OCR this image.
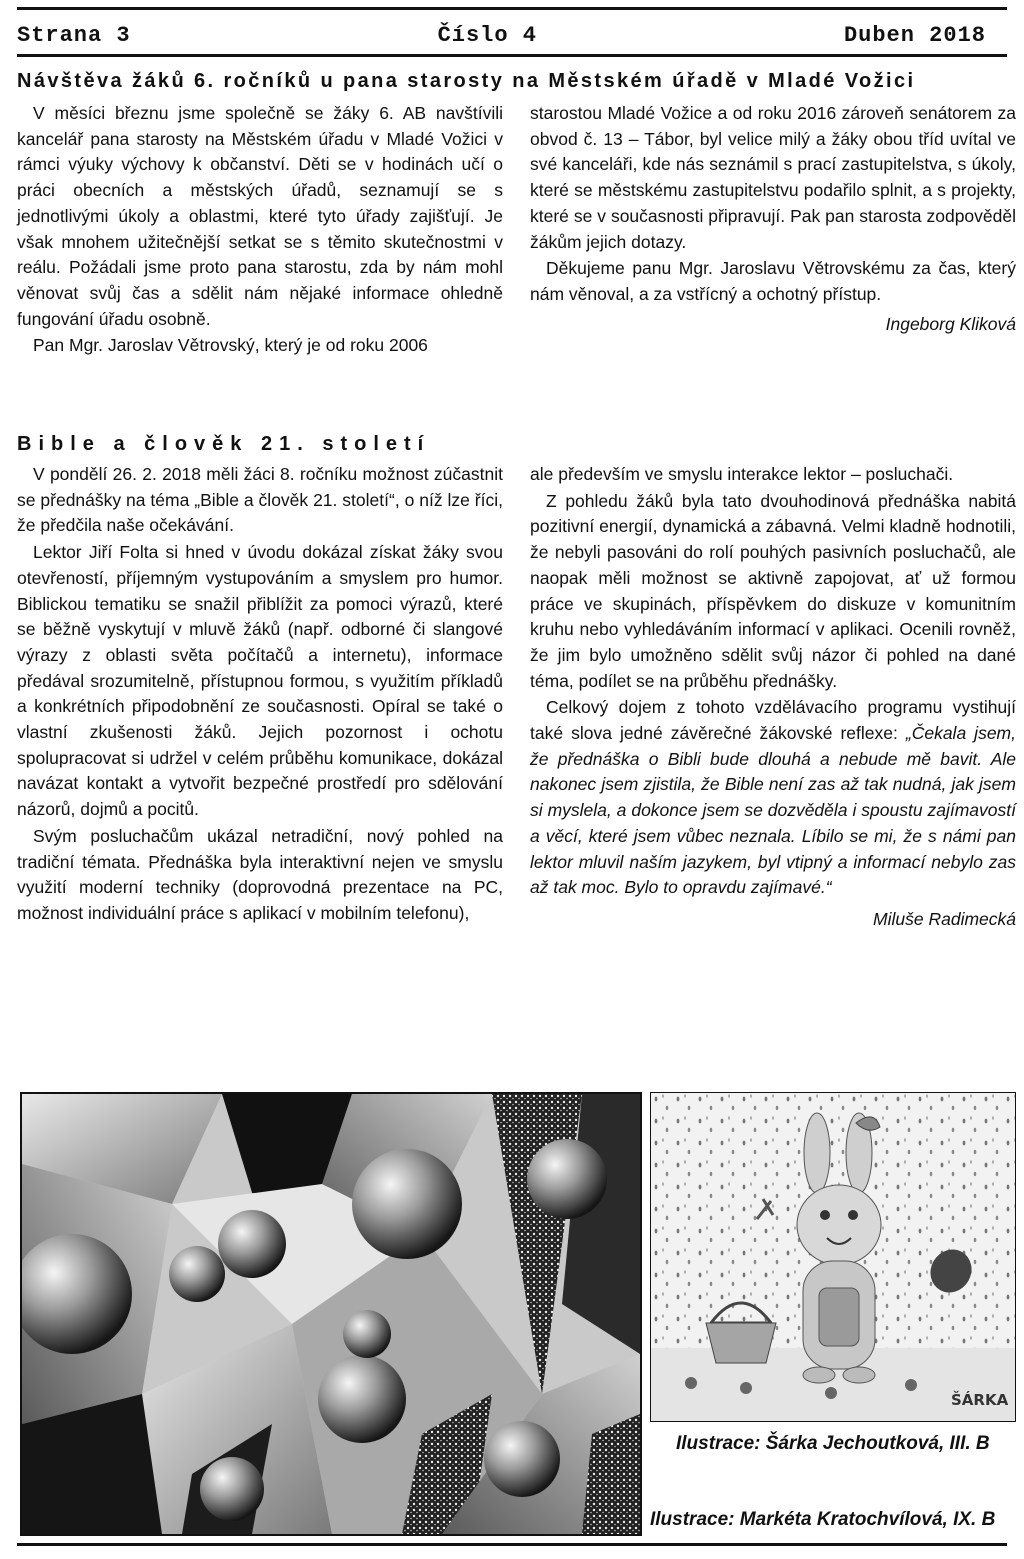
Strana 3	Číslo 4	Duben 2018
Návštěva žáků 6. ročníků u pana starosty na Městském úřadě v Mladé Vožici

V měsíci březnu jsme společně se žáky 6. AB navštívili kancelář pana starosty na Městském úřadu v Mladé Vožici v rámci výuky výchovy k občanství. Děti se v hodinách učí o práci obecních a městských úřadů, seznamují se s jednotlivými úkoly a oblastmi, které tyto úřady zajišťují. Je však mnohem užitečnější setkat se s těmito skutečnostmi v reálu. Požádali jsme proto pana starostu, zda by nám mohl věnovat svůj čas a sdělit nám nějaké informace ohledně fungování úřadu osobně.

Pan Mgr. Jaroslav Větrovský, který je od roku 2006

starostou Mladé Vožice a od roku 2016 zároveň senátorem za obvod č. 13 – Tábor, byl velice milý a žáky obou tříd uvítal ve své kanceláři, kde nás seznámil s prací zastupitelstva, s úkoly, které se městskému zastupitelstvu podařilo splnit, a s projekty, které se v současnosti připravují. Pak pan starosta zodpověděl žákům jejich dotazy.

Děkujeme panu Mgr. Jaroslavu Větrovskému za čas, který nám věnoval, a za vstřícný a ochotný přístup.

Ingeborg Kliková

Bible a člověk 21. století

V pondělí 26. 2. 2018 měli žáci 8. ročníku možnost zúčastnit se přednášky na téma „Bible a člověk 21. století“, o níž lze říci, že předčila naše očekávání.

Lektor Jiří Folta si hned v úvodu dokázal získat žáky svou otevřeností, příjemným vystupováním a smyslem pro humor. Biblickou tematiku se snažil přiblížit za pomoci výrazů, které se běžně vyskytují v mluvě žáků (např. odborné či slangové výrazy z oblasti světa počítačů a internetu), informace předával srozumitelně, přístupnou formou, s využitím příkladů a konkrétních připodobnění ze současnosti. Opíral se také o vlastní zkušenosti žáků. Jejich pozornost i ochotu spolupracovat si udržel v celém průběhu komunikace, dokázal navázat kontakt a vytvořit bezpečné prostředí pro sdělování názorů, dojmů a pocitů.

Svým posluchačům ukázal netradiční, nový pohled na tradiční témata. Přednáška byla interaktivní nejen ve smyslu využití moderní techniky (doprovodná prezentace na PC, možnost individuální práce s aplikací v mobilním telefonu),

ale především ve smyslu interakce lektor – posluchači.

Z pohledu žáků byla tato dvouhodinová přednáška nabitá pozitivní energií, dynamická a zábavná. Velmi kladně hodnotili, že nebyli pasováni do rolí pouhých pasivních posluchačů, ale naopak měli možnost se aktivně zapojovat, ať už formou práce ve skupinách, příspěvkem do diskuze v komunitním kruhu nebo vyhledáváním informací v aplikaci. Ocenili rovněž, že jim bylo umožněno sdělit svůj názor či pohled na dané téma, podílet se na průběhu přednášky.

Celkový dojem z tohoto vzdělávacího programu vystihují také slova jedné závěrečné žákovské reflexe: „Čekala jsem, že přednáška o Bibli bude dlouhá a nebude mě bavit. Ale nakonec jsem zjistila, že Bible není zas až tak nudná, jak jsem si myslela, a dokonce jsem se dozvěděla i spoustu zajímavostí a věcí, které jsem vůbec neznala. Líbilo se mi, že s námi pan lektor mluvil naším jazykem, byl vtipný a informací nebylo zas až tak moc. Bylo to opravdu zajímavé.“

Miluše Radimecká

ŠÁRKA
Ilustrace: Šárka Jechoutková, III. B
Ilustrace: Markéta Kratochvílová, IX. B
